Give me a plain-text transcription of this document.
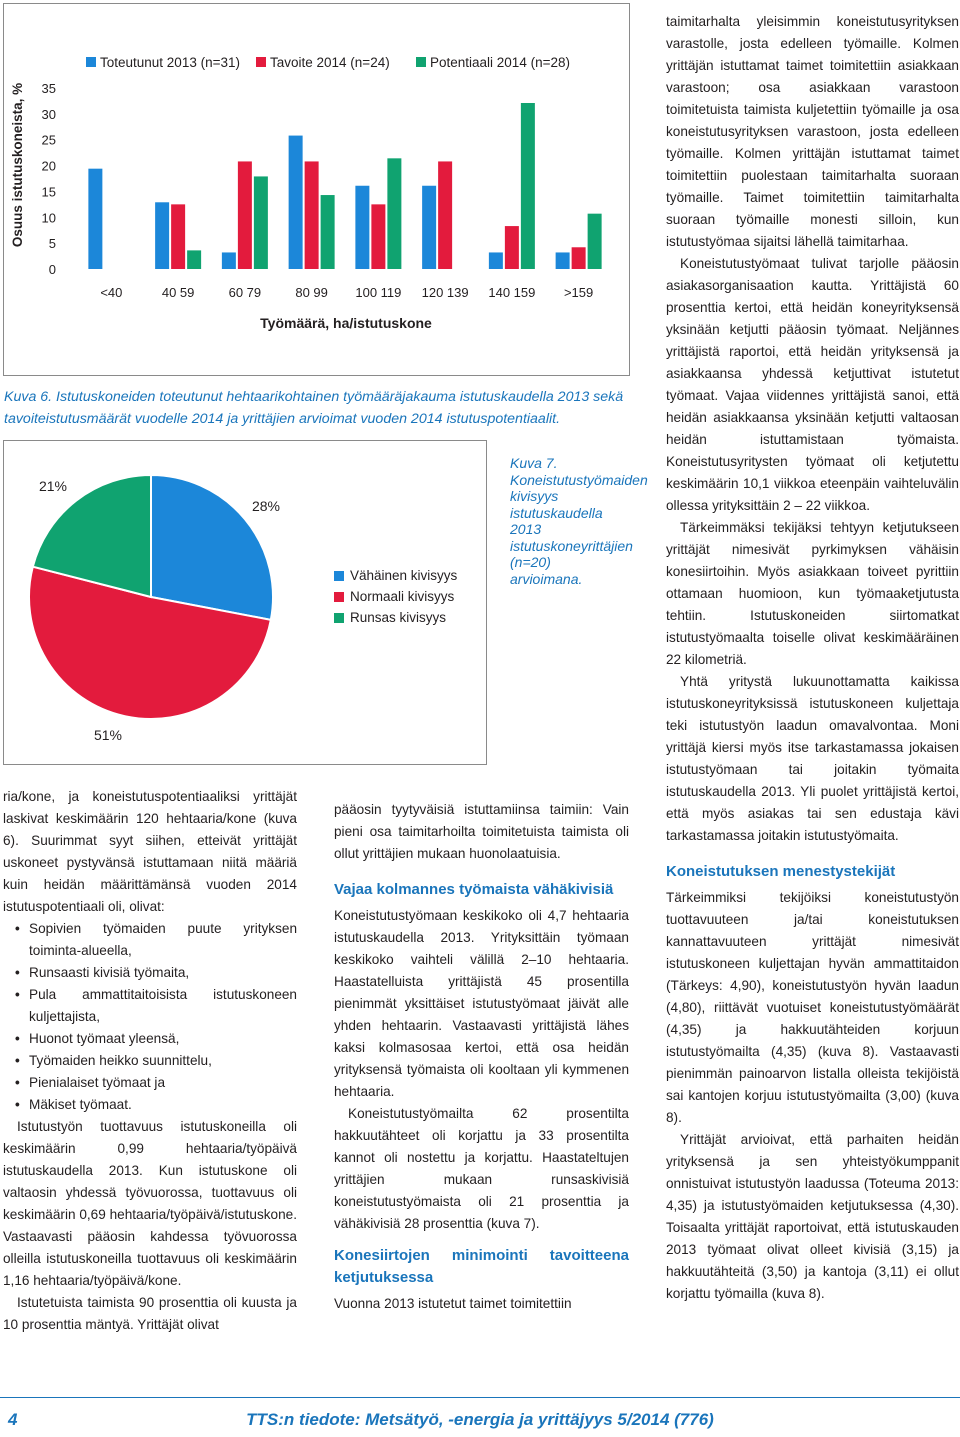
Osuus istutuskoneista, %
0
5
10
15
20
25
30
35
Toteutunut 2013 (n=31) Tavoite 2014 (n=24)	Potentiaali 2014 (n=28)
<40	40 59	60 79	80 99 100 119 120 139 140 159 >159
Työmäärä, ha/istutuskone

Kuva 6. Istutuskoneiden toteutunut hehtaarikohtainen työmääräjakauma istutuskaudella 2013 sekä tavoiteistutusmäärät vuodelle 2014 ja yrittäjien arvioimat vuoden 2014 istutuspotentiaalit.

28%
51%
21%
Vähäinen kivisyys
Normaali kivisyys
Runsas kivisyys

Kuva 7. Koneistutustyömaiden kivisyys istutuskaudella 2013 istutuskoneyrittäjien (n=20) arvioimana.

ria/kone, ja koneistutuspotentiaaliksi yrittäjät laskivat keskimäärin 120 hehtaaria/kone (kuva 6). Suurimmat syyt siihen, etteivät yrittäjät uskoneet pystyvänsä istuttamaan niitä määriä kuin heidän määrittämänsä vuoden 2014 istutuspotentiaali oli, olivat:

• Sopivien työmaiden puute yrityksen toiminta-alueella,
• Runsaasti kivisiä työmaita,
• Pula ammattitaitoisista istutuskoneen kuljettajista,
• Huonot työmaat yleensä,
• Työmaiden heikko suunnittelu,
• Pienialaiset työmaat ja
• Mäkiset työmaat.

Istutustyön tuottavuus istutuskoneilla oli keskimäärin 0,99 hehtaaria/työpäivä istutuskaudella 2013. Kun istutuskone oli valtaosin yhdessä työvuorossa, tuottavuus oli keskimäärin 0,69 hehtaaria/työpäivä/istutuskone. Vastaavasti pääosin kahdessa työvuorossa olleilla istutuskoneilla tuottavuus oli keskimäärin 1,16 hehtaaria/työpäivä/kone.

Istutetuista taimista 90 prosenttia oli kuusta ja 10 prosenttia mäntyä. Yrittäjät olivat

pääosin tyytyväisiä istuttamiinsa taimiin: Vain pieni osa taimitarhoilta toimitetuista taimista oli ollut yrittäjien mukaan huonolaatuisia.

Vajaa kolmannes työmaista vähäkivisiä

Koneistutustyömaan keskikoko oli 4,7 hehtaaria istutuskaudella 2013. Yrityksittäin työmaan keskikoko vaihteli välillä 2–10 hehtaaria. Haastatelluista yrittäjistä 45 prosentilla pienimmät yksittäiset istutustyömaat jäivät alle yhden hehtaarin. Vastaavasti yrittäjistä lähes kaksi kolmasosaa kertoi, että osa heidän yrityksensä työmaista oli kooltaan yli kymmenen hehtaaria.

Koneistutustyömailta 62 prosentilta hakkuutähteet oli korjattu ja 33 prosentilta kannot oli nostettu ja korjattu. Haastateltujen yrittäjien mukaan runsaskivisiä koneistutustyömaista oli 21 prosenttia ja vähäkivisiä 28 prosenttia (kuva 7).

Konesiirtojen minimointi tavoitteena ketjutuksessa

Vuonna 2013 istutetut taimet toimitettiin

taimitarhalta yleisimmin koneistutusyrityksen varastolle, josta edelleen työmaille. Kolmen yrittäjän istuttamat taimet toimitettiin asiakkaan varastoon; osa asiakkaan varastoon toimitetuista taimista kuljetettiin työmaille ja osa koneistutusyrityksen varastoon, josta edelleen työmaille. Kolmen yrittäjän istuttamat taimet toimitettiin puolestaan taimitarhalta suoraan työmaille. Taimet toimitettiin taimitarhalta suoraan työmaille monesti silloin, kun istutustyömaa sijaitsi lähellä taimitarhaa.

Koneistutustyömaat tulivat tarjolle pääosin asiakasorganisaation kautta. Yrittäjistä 60 prosenttia kertoi, että heidän koneyrityksensä yksinään ketjutti pääosin työmaat. Neljännes yrittäjistä raportoi, että heidän yrityksensä ja asiakkaansa yhdessä ketjuttivat istutetut työmaat. Vajaa viidennes yrittäjistä sanoi, että heidän asiakkaansa yksinään ketjutti valtaosan heidän istuttamistaan työmaista. Koneistutusyritysten työmaat oli ketjutettu keskimäärin 10,1 viikkoa eteenpäin vaihteluvälin ollessa yrityksittäin 2 – 22 viikkoa.

Tärkeimmäksi tekijäksi tehtyyn ketjutukseen yrittäjät nimesivät pyrkimyksen vähäisin konesiirtoihin. Myös asiakkaan toiveet pyrittiin ottamaan huomioon, kun työmaaketjutusta tehtiin. Istutuskoneiden siirtomatkat istutustyömaalta toiselle olivat keskimääräinen 22 kilometriä.

Yhtä yritystä lukuunottamatta kaikissa istutuskoneyrityksissä istutuskoneen kuljettaja teki istutustyön laadun omavalvontaa. Moni yrittäjä kiersi myös itse tarkastamassa jokaisen istutustyömaan tai joitakin työmaita istutuskaudella 2013. Yli puolet yrittäjistä kertoi, että myös asiakas tai sen edustaja kävi tarkastamassa joitakin istutustyömaita.

Koneistutuksen menestystekijät

Tärkeimmiksi tekijöiksi koneistutustyön tuottavuuteen ja/tai koneistutuksen kannattavuuteen yrittäjät nimesivät istutuskoneen kuljettajan hyvän ammattitaidon (Tärkeys: 4,90), koneistutustyön hyvän laadun (4,80), riittävät vuotuiset koneistutustyömäärät (4,35) ja hakkuutähteiden korjuun istutustyömailta (4,35) (kuva 8). Vastaavasti pienimmän painoarvon listalla olleista tekijöistä sai kantojen korjuu istutustyömailta (3,00) (kuva 8).

Yrittäjät arvioivat, että parhaiten heidän yrityksensä ja sen yhteistyökumppanit onnistuivat istutustyön laadussa (Toteuma 2013: 4,35) ja istutustyömaiden ketjutuksessa (4,30). Toisaalta yrittäjät raportoivat, että istutuskauden 2013 työmaat olivat olleet kivisiä (3,15) ja hakkuutähteitä (3,50) ja kantoja (3,11) ei ollut korjattu työmailla (kuva 8).

4	TTS:n tiedote: Metsätyö, -energia ja yrittäjyys 5/2014 (776)
